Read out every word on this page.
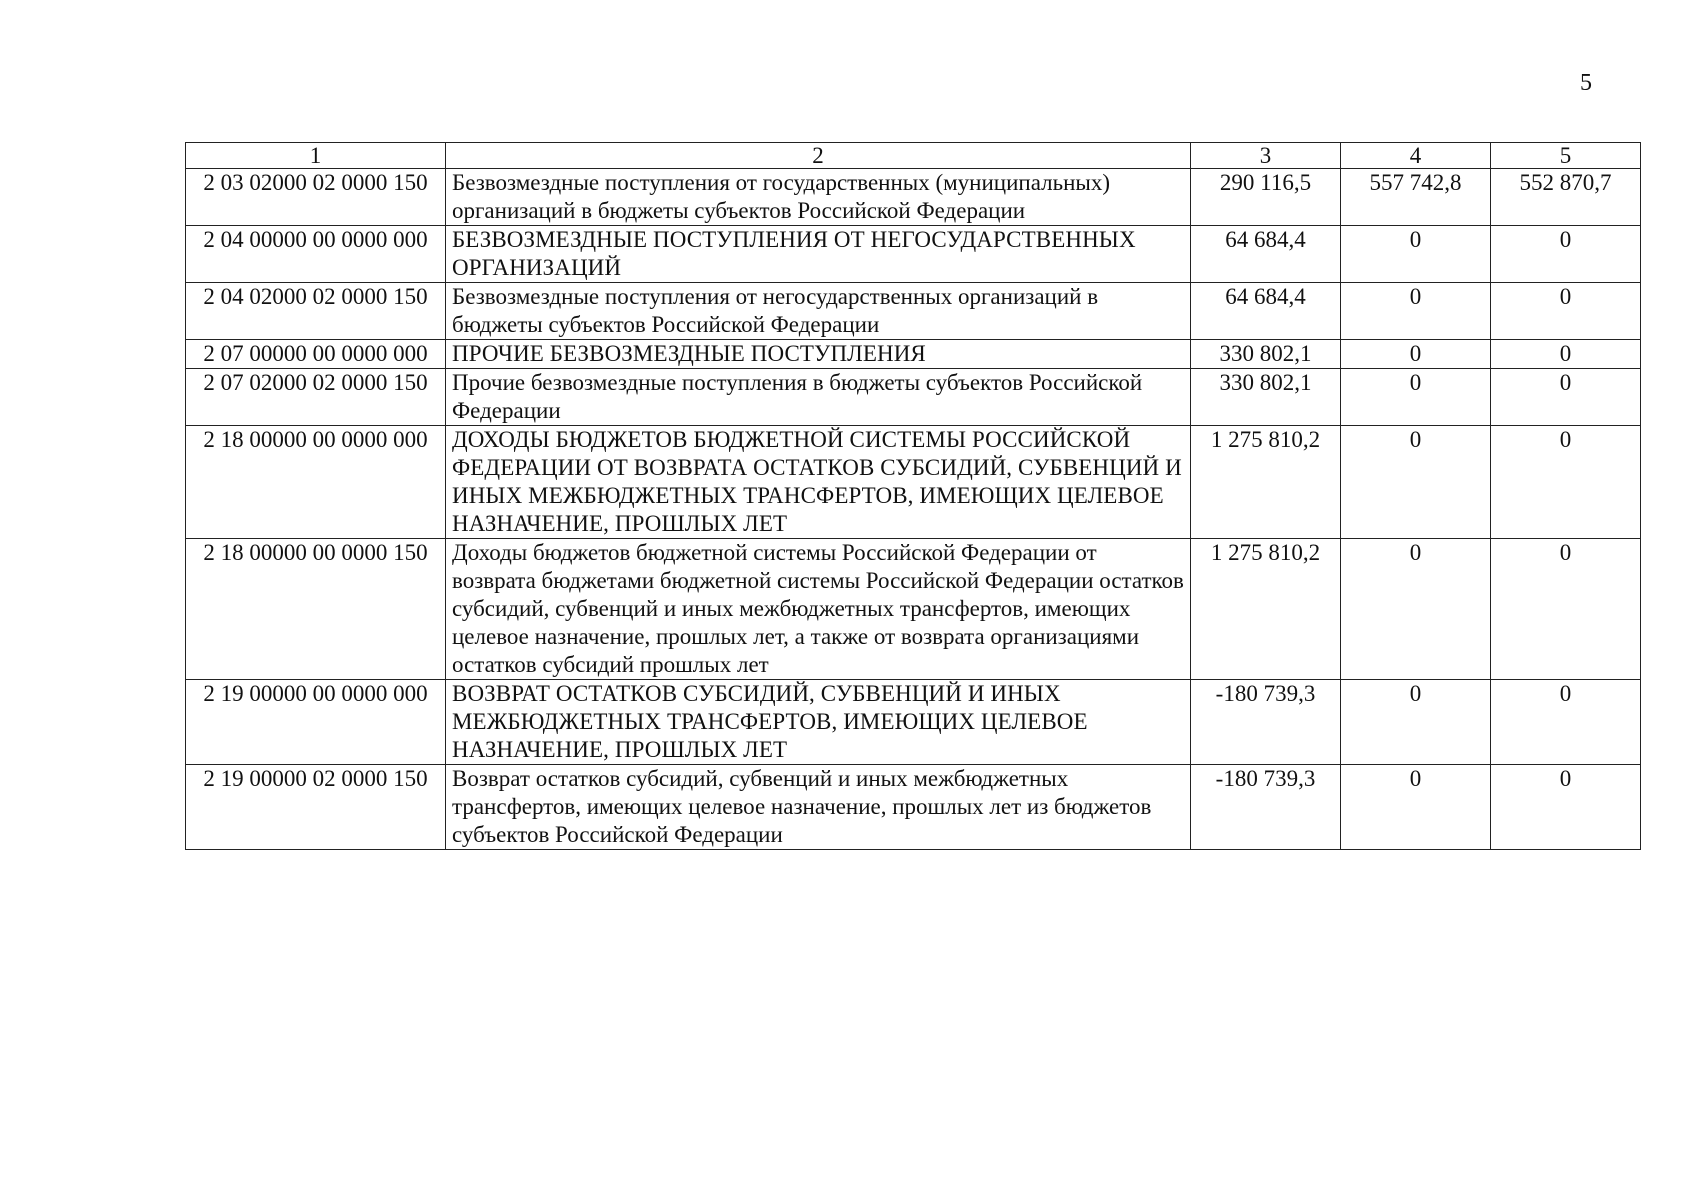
5
1	2	3	4	5
2 03 02000 02 0000 150	Безвозмездные поступления от государственных (муниципальных) организаций в бюджеты субъектов Российской Федерации	290 116,5	557 742,8	552 870,7
2 04 00000 00 0000 000	БЕЗВОЗМЕЗДНЫЕ ПОСТУПЛЕНИЯ ОТ НЕГОСУДАРСТВЕННЫХ ОРГАНИЗАЦИЙ	64 684,4	0	0
2 04 02000 02 0000 150	Безвозмездные поступления от негосударственных организаций в бюджеты субъектов Российской Федерации	64 684,4	0	0
2 07 00000 00 0000 000	ПРОЧИЕ БЕЗВОЗМЕЗДНЫЕ ПОСТУПЛЕНИЯ	330 802,1	0	0
2 07 02000 02 0000 150	Прочие безвозмездные поступления в бюджеты субъектов Российской Федерации	330 802,1	0	0
2 18 00000 00 0000 000	ДОХОДЫ БЮДЖЕТОВ БЮДЖЕТНОЙ СИСТЕМЫ РОССИЙСКОЙ ФЕДЕРАЦИИ ОТ ВОЗВРАТА ОСТАТКОВ СУБСИДИЙ, СУБВЕНЦИЙ И ИНЫХ МЕЖБЮДЖЕТНЫХ ТРАНСФЕРТОВ, ИМЕЮЩИХ ЦЕЛЕВОЕ НАЗНАЧЕНИЕ, ПРОШЛЫХ ЛЕТ	1 275 810,2	0	0
2 18 00000 00 0000 150	Доходы бюджетов бюджетной системы Российской Федерации от возврата бюджетами бюджетной системы Российской Федерации остатков субсидий, субвенций и иных межбюджетных трансфертов, имеющих целевое назначение, прошлых лет, а также от возврата организациями остатков субсидий прошлых лет	1 275 810,2	0	0
2 19 00000 00 0000 000	ВОЗВРАТ ОСТАТКОВ СУБСИДИЙ, СУБВЕНЦИЙ И ИНЫХ МЕЖБЮДЖЕТНЫХ ТРАНСФЕРТОВ, ИМЕЮЩИХ ЦЕЛЕВОЕ НАЗНАЧЕНИЕ, ПРОШЛЫХ ЛЕТ	-180 739,3	0	0
2 19 00000 02 0000 150	Возврат остатков субсидий, субвенций и иных межбюджетных трансфертов, имеющих целевое назначение, прошлых лет из бюджетов субъектов Российской Федерации	-180 739,3	0	0
